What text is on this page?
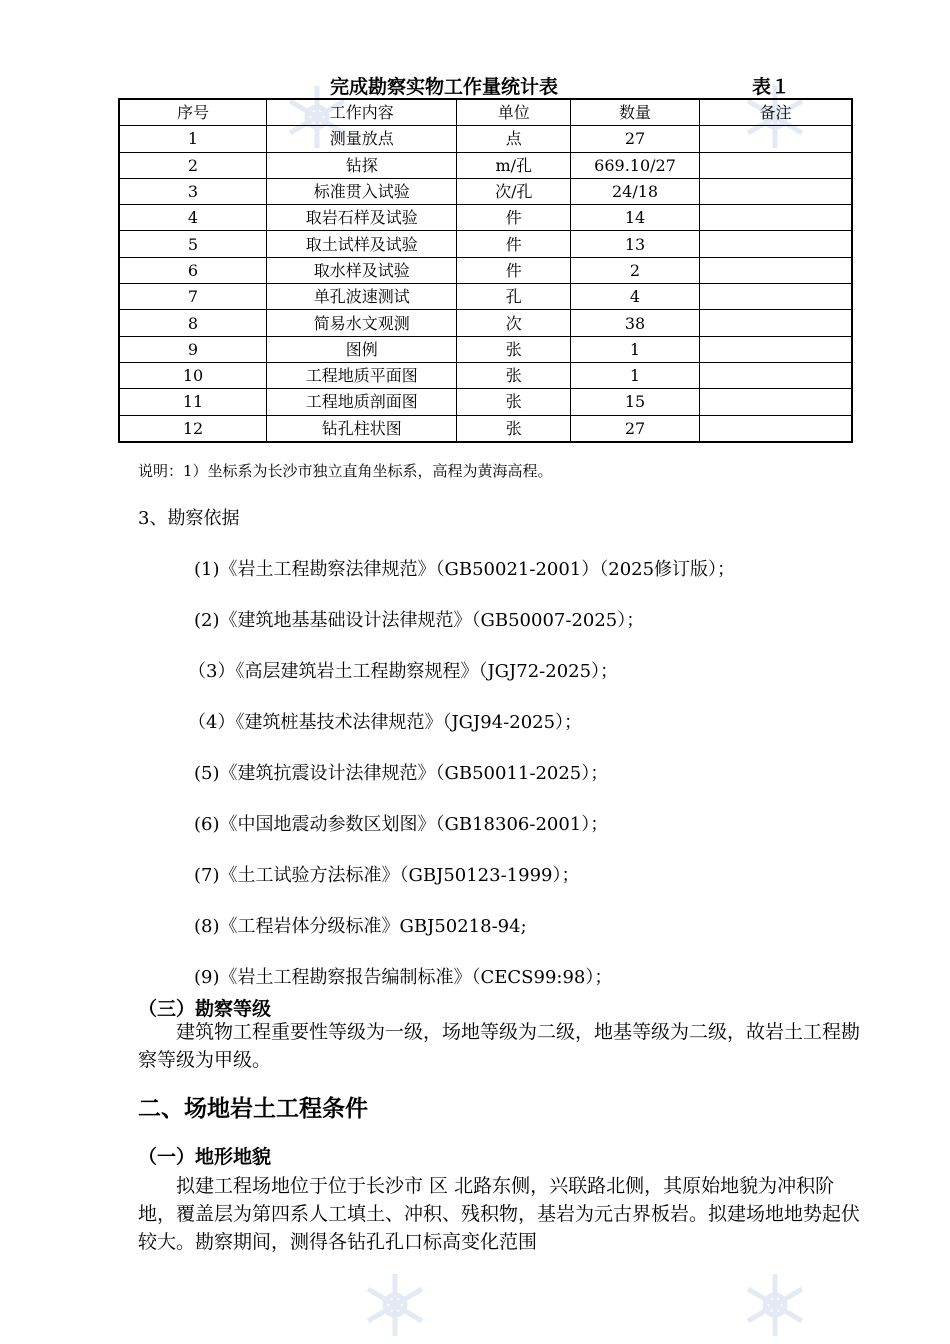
完成勘察实物工作量统计表	表１
序号	工作内容	单位	数量	备注
1	测量放点	点	27	
2	钻探	m/孔	669.10/27	
3	标准贯入试验	次/孔	24/18	
4	取岩石样及试验	件	14	
5	取土试样及试验	件	13	
6	取水样及试验	件	2	
7	单孔波速测试	孔	4	
8	简易水文观测	次	38	
9	图例	张	1	
10	工程地质平面图	张	1	
11	工程地质剖面图	张	15	
12	钻孔柱状图	张	27	
说明：1）坐标系为长沙市独立直角坐标系，高程为黄海高程。
3、勘察依据
(1)《岩土工程勘察法律规范》（GB50021-2001）（2025修订版）；
(2)《建筑地基基础设计法律规范》（GB50007-2025）；
（3）《高层建筑岩土工程勘察规程》（JGJ72-2025）；
（4）《建筑桩基技术法律规范》（JGJ94-2025）；
(5)《建筑抗震设计法律规范》（GB50011-2025）；
(6)《中国地震动参数区划图》（GB18306-2001）；
(7)《土工试验方法标准》（GBJ50123-1999）；
(8)《工程岩体分级标准》GBJ50218-94;
(9)《岩土工程勘察报告编制标准》（CECS99:98）；
（三）勘察等级
　　建筑物工程重要性等级为一级，场地等级为二级，地基等级为二级，故岩土工程勘察等级为甲级。
二、场地岩土工程条件
（一）地形地貌
　　拟建工程场地位于位于长沙市 区 北路东侧，兴联路北侧，其原始地貌为冲积阶地，覆盖层为第四系人工填土、冲积、残积物，基岩为元古界板岩。拟建场地地势起伏较大。勘察期间，测得各钻孔孔口标高变化范围
